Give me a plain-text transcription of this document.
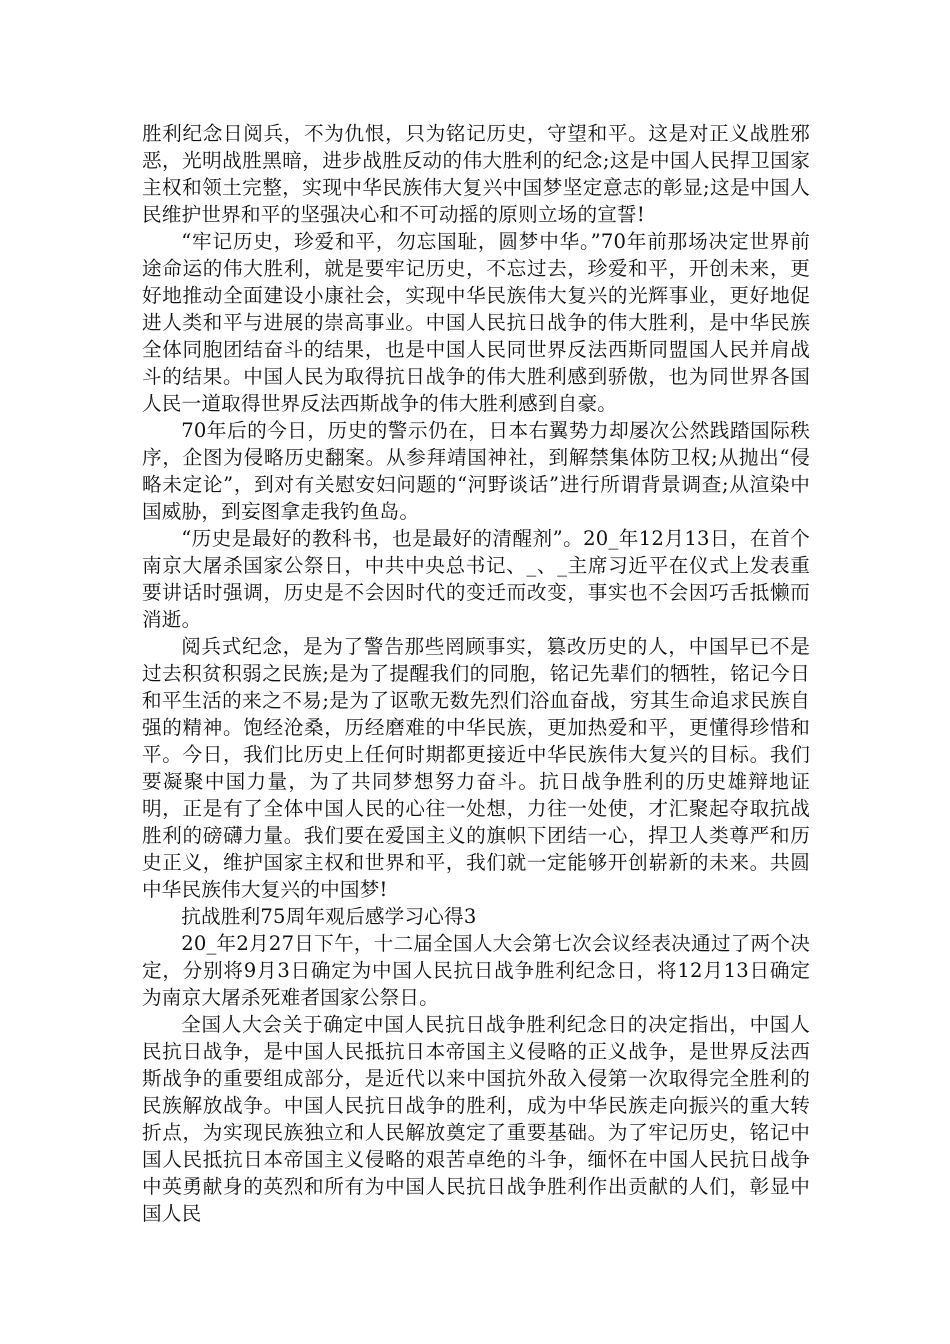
胜利纪念日阅兵，不为仇恨，只为铭记历史，守望和平。这是对正义战胜邪恶，光明战胜黑暗，进步战胜反动的伟大胜利的纪念;这是中国人民捍卫国家主权和领土完整，实现中华民族伟大复兴中国梦坚定意志的彰显;这是中国人民维护世界和平的坚强决心和不可动摇的原则立场的宣誓!

“牢记历史，珍爱和平，勿忘国耻，圆梦中华。”70年前那场决定世界前途命运的伟大胜利，就是要牢记历史，不忘过去，珍爱和平，开创未来，更好地推动全面建设小康社会，实现中华民族伟大复兴的光辉事业，更好地促进人类和平与进展的崇高事业。中国人民抗日战争的伟大胜利，是中华民族全体同胞团结奋斗的结果，也是中国人民同世界反法西斯同盟国人民并肩战斗的结果。中国人民为取得抗日战争的伟大胜利感到骄傲，也为同世界各国人民一道取得世界反法西斯战争的伟大胜利感到自豪。

70年后的今日，历史的警示仍在，日本右翼势力却屡次公然践踏国际秩序，企图为侵略历史翻案。从参拜靖国神社，到解禁集体防卫权;从抛出“侵略未定论”，到对有关慰安妇问题的“河野谈话”进行所谓背景调查;从渲染中国威胁，到妄图拿走我钓鱼岛。

“历史是最好的教科书，也是最好的清醒剂”。20_年12月13日，在首个南京大屠杀国家公祭日，中共中央总书记、_、_主席习近平在仪式上发表重要讲话时强调，历史是不会因时代的变迁而改变，事实也不会因巧舌抵懒而消逝。

阅兵式纪念，是为了警告那些罔顾事实，篡改历史的人，中国早已不是过去积贫积弱之民族;是为了提醒我们的同胞，铭记先辈们的牺牲，铭记今日和平生活的来之不易;是为了讴歌无数先烈们浴血奋战，穷其生命追求民族自强的精神。饱经沧桑，历经磨难的中华民族，更加热爱和平，更懂得珍惜和平。今日，我们比历史上任何时期都更接近中华民族伟大复兴的目标。我们要凝聚中国力量，为了共同梦想努力奋斗。抗日战争胜利的历史雄辩地证明，正是有了全体中国人民的心往一处想，力往一处使，才汇聚起夺取抗战胜利的磅礴力量。我们要在爱国主义的旗帜下团结一心，捍卫人类尊严和历史正义，维护国家主权和世界和平，我们就一定能够开创崭新的未来。共圆中华民族伟大复兴的中国梦!

抗战胜利75周年观后感学习心得3

20_年2月27日下午，十二届全国人大会第七次会议经表决通过了两个决定，分别将9月3日确定为中国人民抗日战争胜利纪念日，将12月13日确定为南京大屠杀死难者国家公祭日。

全国人大会关于确定中国人民抗日战争胜利纪念日的决定指出，中国人民抗日战争，是中国人民抵抗日本帝国主义侵略的正义战争，是世界反法西斯战争的重要组成部分，是近代以来中国抗外敌入侵第一次取得完全胜利的民族解放战争。中国人民抗日战争的胜利，成为中华民族走向振兴的重大转折点，为实现民族独立和人民解放奠定了重要基础。为了牢记历史，铭记中国人民抵抗日本帝国主义侵略的艰苦卓绝的斗争，缅怀在中国人民抗日战争中英勇献身的英烈和所有为中国人民抗日战争胜利作出贡献的人们，彰显中国人民
